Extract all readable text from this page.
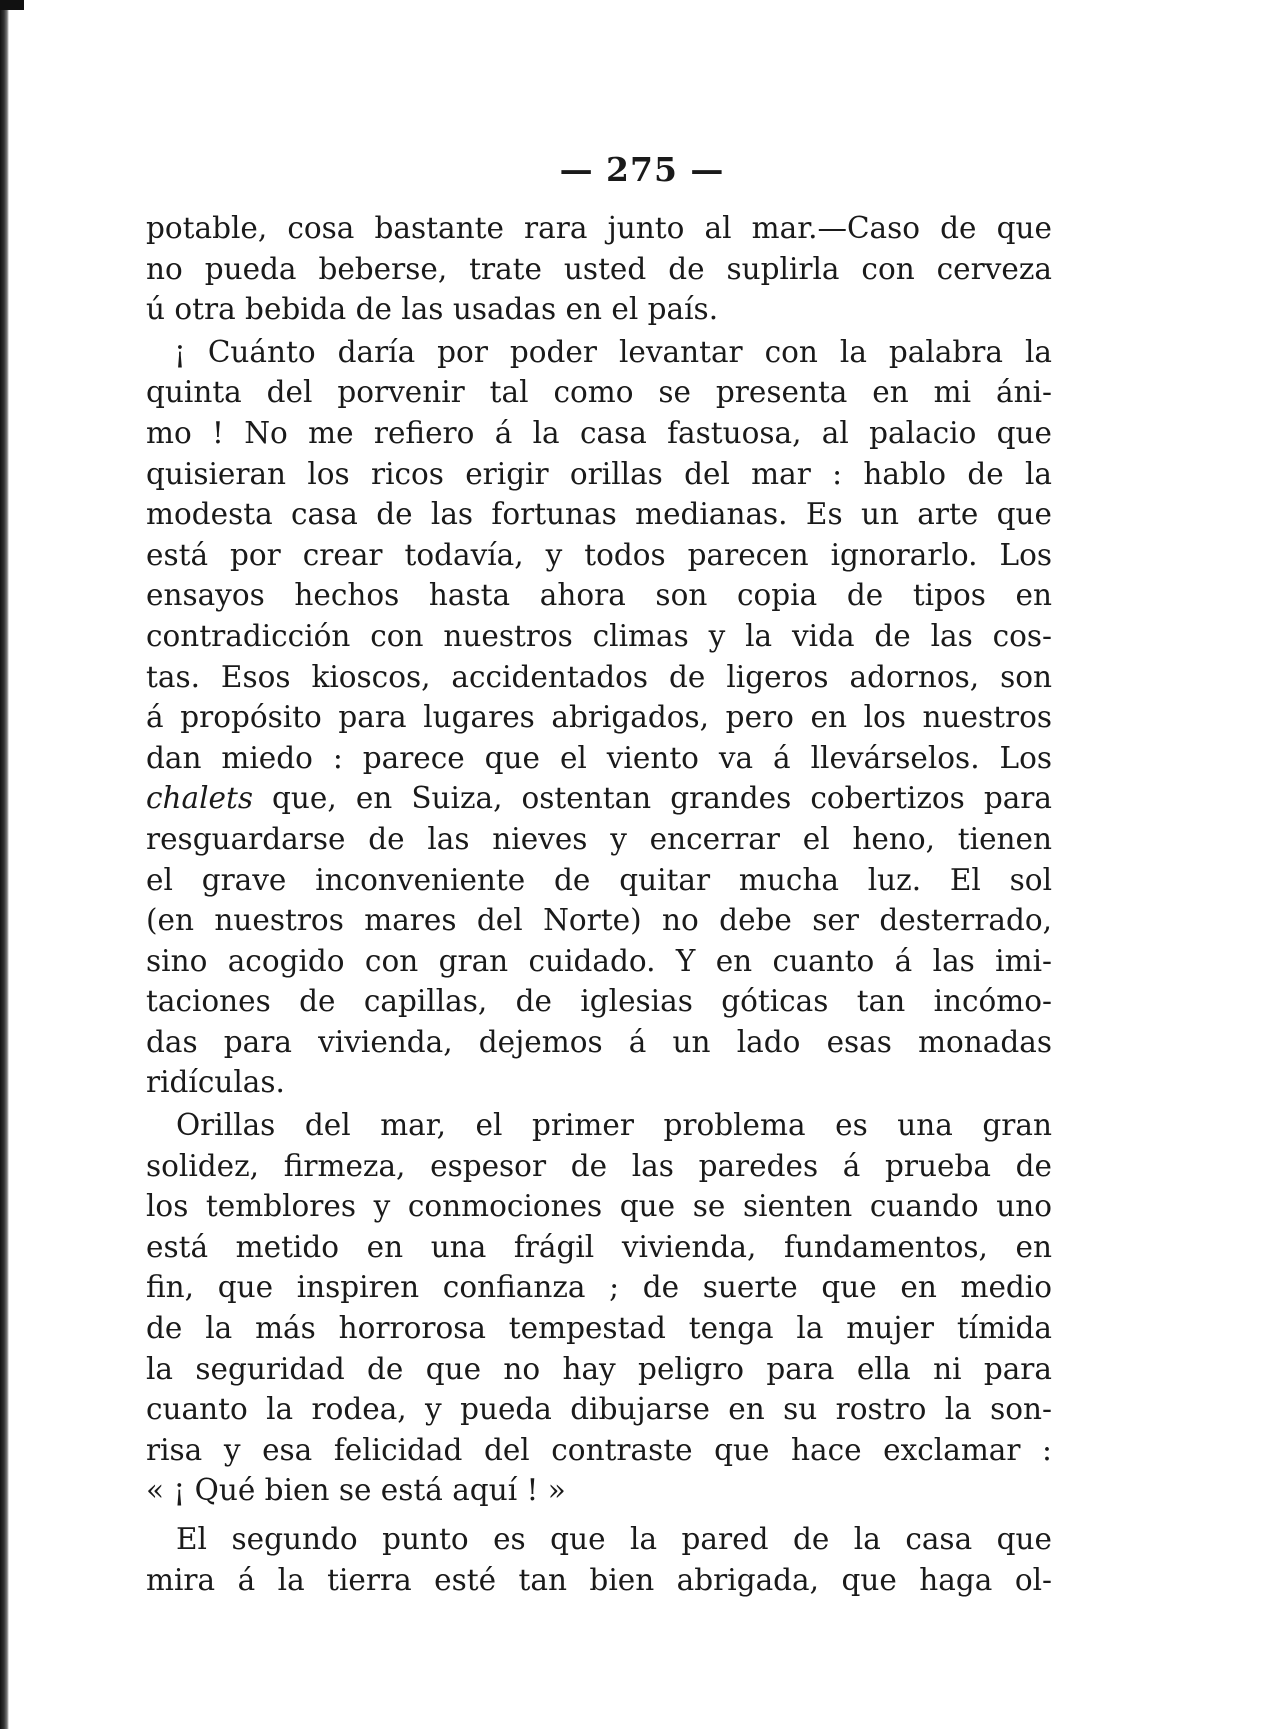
— 275 —
potable, cosa bastante rara junto al mar.—Caso de que
no pueda beberse, trate usted de suplirla con cerveza
ú otra bebida de las usadas en el país.
¡ Cuánto daría por poder levantar con la palabra la
quinta del porvenir tal como se presenta en mi áni-
mo ! No me refiero á la casa fastuosa, al palacio que
quisieran los ricos erigir orillas del mar : hablo de la
modesta casa de las fortunas medianas. Es un arte que
está por crear todavía, y todos parecen ignorarlo. Los
ensayos hechos hasta ahora son copia de tipos en
contradicción con nuestros climas y la vida de las cos-
tas. Esos kioscos, accidentados de ligeros adornos, son
á propósito para lugares abrigados, pero en los nuestros
dan miedo : parece que el viento va á llevárselos. Los
chalets que, en Suiza, ostentan grandes cobertizos para
resguardarse de las nieves y encerrar el heno, tienen
el grave inconveniente de quitar mucha luz. El sol
(en nuestros mares del Norte) no debe ser desterrado,
sino acogido con gran cuidado. Y en cuanto á las imi-
taciones de capillas, de iglesias góticas tan incómo-
das para vivienda, dejemos á un lado esas monadas
ridículas.
Orillas del mar, el primer problema es una gran
solidez, firmeza, espesor de las paredes á prueba de
los temblores y conmociones que se sienten cuando uno
está metido en una frágil vivienda, fundamentos, en
fin, que inspiren confianza ; de suerte que en medio
de la más horrorosa tempestad tenga la mujer tímida
la seguridad de que no hay peligro para ella ni para
cuanto la rodea, y pueda dibujarse en su rostro la son-
risa y esa felicidad del contraste que hace exclamar :
« ¡ Qué bien se está aquí ! »
El segundo punto es que la pared de la casa que
mira á la tierra esté tan bien abrigada, que haga ol-
